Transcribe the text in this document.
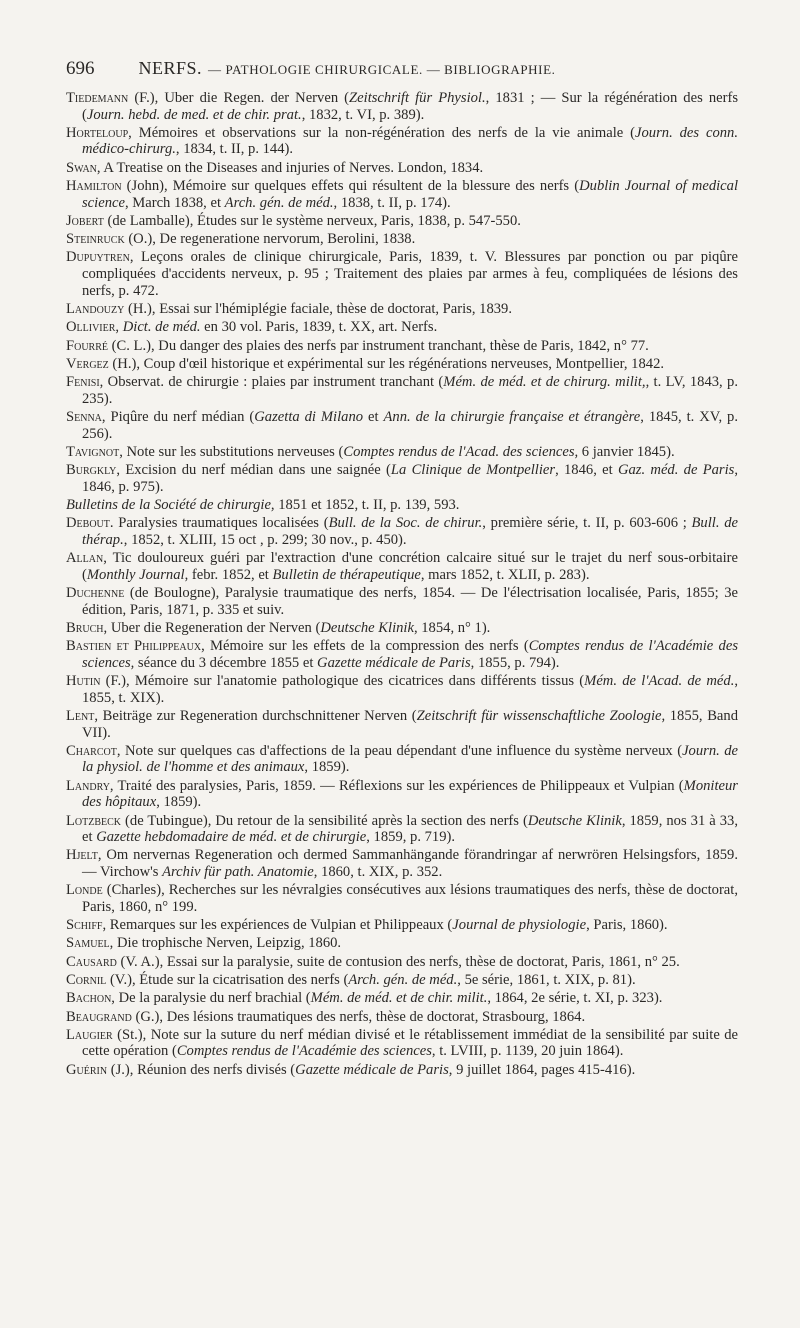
696 NERFS. — PATHOLOGIE CHIRURGICALE. — BIBLIOGRAPHIE.

Tiedemann (F.), Uber die Regen. der Nerven (Zeitschrift für Physiol., 1831 ; — Sur la régénération des nerfs (Journ. hebd. de med. et de chir. prat., 1832, t. VI, p. 389).

Horteloup, Mémoires et observations sur la non-régénération des nerfs de la vie animale (Journ. des conn. médico-chirurg., 1834, t. II, p. 144).

Swan, A Treatise on the Diseases and injuries of Nerves. London, 1834.

Hamilton (John), Mémoire sur quelques effets qui résultent de la blessure des nerfs (Dublin Journal of medical science, March 1838, et Arch. gén. de méd., 1838, t. II, p. 174).

Jobert (de Lamballe), Études sur le système nerveux, Paris, 1838, p. 547-550.

Steinruck (O.), De regeneratione nervorum, Berolini, 1838.

Dupuytren, Leçons orales de clinique chirurgicale, Paris, 1839, t. V. Blessures par ponction ou par piqûre compliquées d'accidents nerveux, p. 95 ; Traitement des plaies par armes à feu, compliquées de lésions des nerfs, p. 472.

Landouzy (H.), Essai sur l'hémiplégie faciale, thèse de doctorat, Paris, 1839.

Ollivier, Dict. de méd. en 30 vol. Paris, 1839, t. XX, art. Nerfs.

Fourré (C. L.), Du danger des plaies des nerfs par instrument tranchant, thèse de Paris, 1842, n° 77.

Vergez (H.), Coup d'œil historique et expérimental sur les régénérations nerveuses, Montpellier, 1842.

Fenisi, Observat. de chirurgie : plaies par instrument tranchant (Mém. de méd. et de chirurg. milit,, t. LV, 1843, p. 235).

Senna, Piqûre du nerf médian (Gazetta di Milano et Ann. de la chirurgie française et étrangère, 1845, t. XV, p. 256).

Tavignot, Note sur les substitutions nerveuses (Comptes rendus de l'Acad. des sciences, 6 janvier 1845).

Burgkly, Excision du nerf médian dans une saignée (La Clinique de Montpellier, 1846, et Gaz. méd. de Paris, 1846, p. 975).

Bulletins de la Société de chirurgie, 1851 et 1852, t. II, p. 139, 593.

Debout. Paralysies traumatiques localisées (Bull. de la Soc. de chirur., première série, t. II, p. 603-606 ; Bull. de thérap., 1852, t. XLIII, 15 oct , p. 299; 30 nov., p. 450).

Allan, Tic douloureux guéri par l'extraction d'une concrétion calcaire situé sur le trajet du nerf sous-orbitaire (Monthly Journal, febr. 1852, et Bulletin de thérapeutique, mars 1852, t. XLII, p. 283).

Duchenne (de Boulogne), Paralysie traumatique des nerfs, 1854. — De l'électrisation localisée, Paris, 1855; 3e édition, Paris, 1871, p. 335 et suiv.

Bruch, Uber die Regeneration der Nerven (Deutsche Klinik, 1854, n° 1).

Bastien et Philippeaux, Mémoire sur les effets de la compression des nerfs (Comptes rendus de l'Académie des sciences, séance du 3 décembre 1855 et Gazette médicale de Paris, 1855, p. 794).

Hutin (F.), Mémoire sur l'anatomie pathologique des cicatrices dans différents tissus (Mém. de l'Acad. de méd., 1855, t. XIX).

Lent, Beiträge zur Regeneration durchschnittener Nerven (Zeitschrift für wissenschaftliche Zoologie, 1855, Band VII).

Charcot, Note sur quelques cas d'affections de la peau dépendant d'une influence du système nerveux (Journ. de la physiol. de l'homme et des animaux, 1859).

Landry, Traité des paralysies, Paris, 1859. — Réflexions sur les expériences de Philippeaux et Vulpian (Moniteur des hôpitaux, 1859).

Lotzbeck (de Tubingue), Du retour de la sensibilité après la section des nerfs (Deutsche Klinik, 1859, nos 31 à 33, et Gazette hebdomadaire de méd. et de chirurgie, 1859, p. 719).

Hjelt, Om nervernas Regeneration och dermed Sammanhängande förandringar af nerwrören Helsingsfors, 1859. — Virchow's Archiv für path. Anatomie, 1860, t. XIX, p. 352.

Londe (Charles), Recherches sur les névralgies consécutives aux lésions traumatiques des nerfs, thèse de doctorat, Paris, 1860, n° 199.

Schiff, Remarques sur les expériences de Vulpian et Philippeaux (Journal de physiologie, Paris, 1860).

Samuel, Die trophische Nerven, Leipzig, 1860.

Causard (V. A.), Essai sur la paralysie, suite de contusion des nerfs, thèse de doctorat, Paris, 1861, n° 25.

Cornil (V.), Étude sur la cicatrisation des nerfs (Arch. gén. de méd., 5e série, 1861, t. XIX, p. 81).

Bachon, De la paralysie du nerf brachial (Mém. de méd. et de chir. milit., 1864, 2e série, t. XI, p. 323).

Beaugrand (G.), Des lésions traumatiques des nerfs, thèse de doctorat, Strasbourg, 1864.

Laugier (St.), Note sur la suture du nerf médian divisé et le rétablissement immédiat de la sensibilité par suite de cette opération (Comptes rendus de l'Académie des sciences, t. LVIII, p. 1139, 20 juin 1864).

Guérin (J.), Réunion des nerfs divisés (Gazette médicale de Paris, 9 juillet 1864, pages 415-416).
